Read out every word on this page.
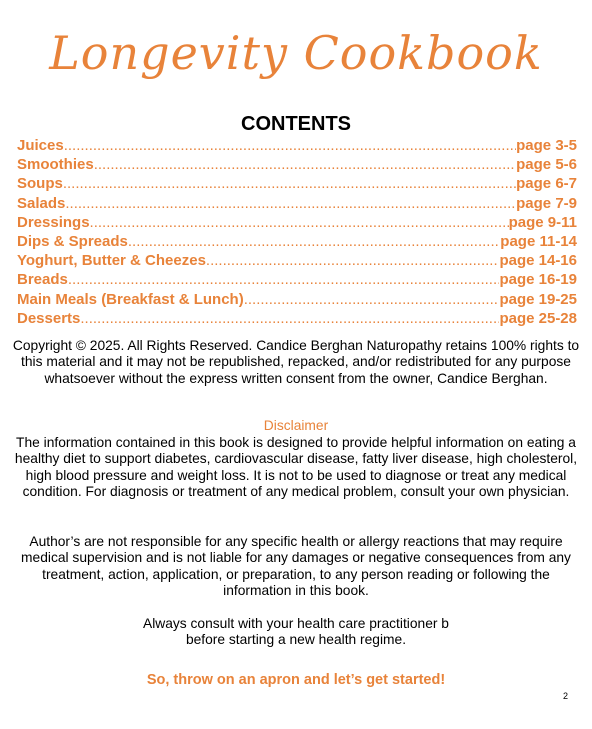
Longevity Cookbook
CONTENTS
Juices .....	page 3-5
Smoothies .....	page 5-6
Soups .....	page 6-7
Salads .....	page 7-9
Dressings .....	page 9-11
Dips & Spreads .....	page 11-14
Yoghurt, Butter & Cheezes .....	page 14-16
Breads .....	page 16-19
Main Meals (Breakfast & Lunch) .....	page 19-25
Desserts .....	page 25-28
Copyright © 2025. All Rights Reserved. Candice Berghan Naturopathy retains 100% rights to this material and it may not be republished, repacked, and/or redistributed for any purpose whatsoever without the express written consent from the owner, Candice Berghan.
Disclaimer
The information contained in this book is designed to provide helpful information on eating a healthy diet to support diabetes, cardiovascular disease, fatty liver disease, high cholesterol, high blood pressure and weight loss. It is not to be used to diagnose or treat any medical condition. For diagnosis or treatment of any medical problem, consult your own physician.
Author’s are not responsible for any specific health or allergy reactions that may require medical supervision and is not liable for any damages or negative consequences from any treatment, action, application, or preparation, to any person reading or following the information in this book.
Always consult with your health care practitioner b
before starting a new health regime.
So, throw on an apron and let’s get started!
2
